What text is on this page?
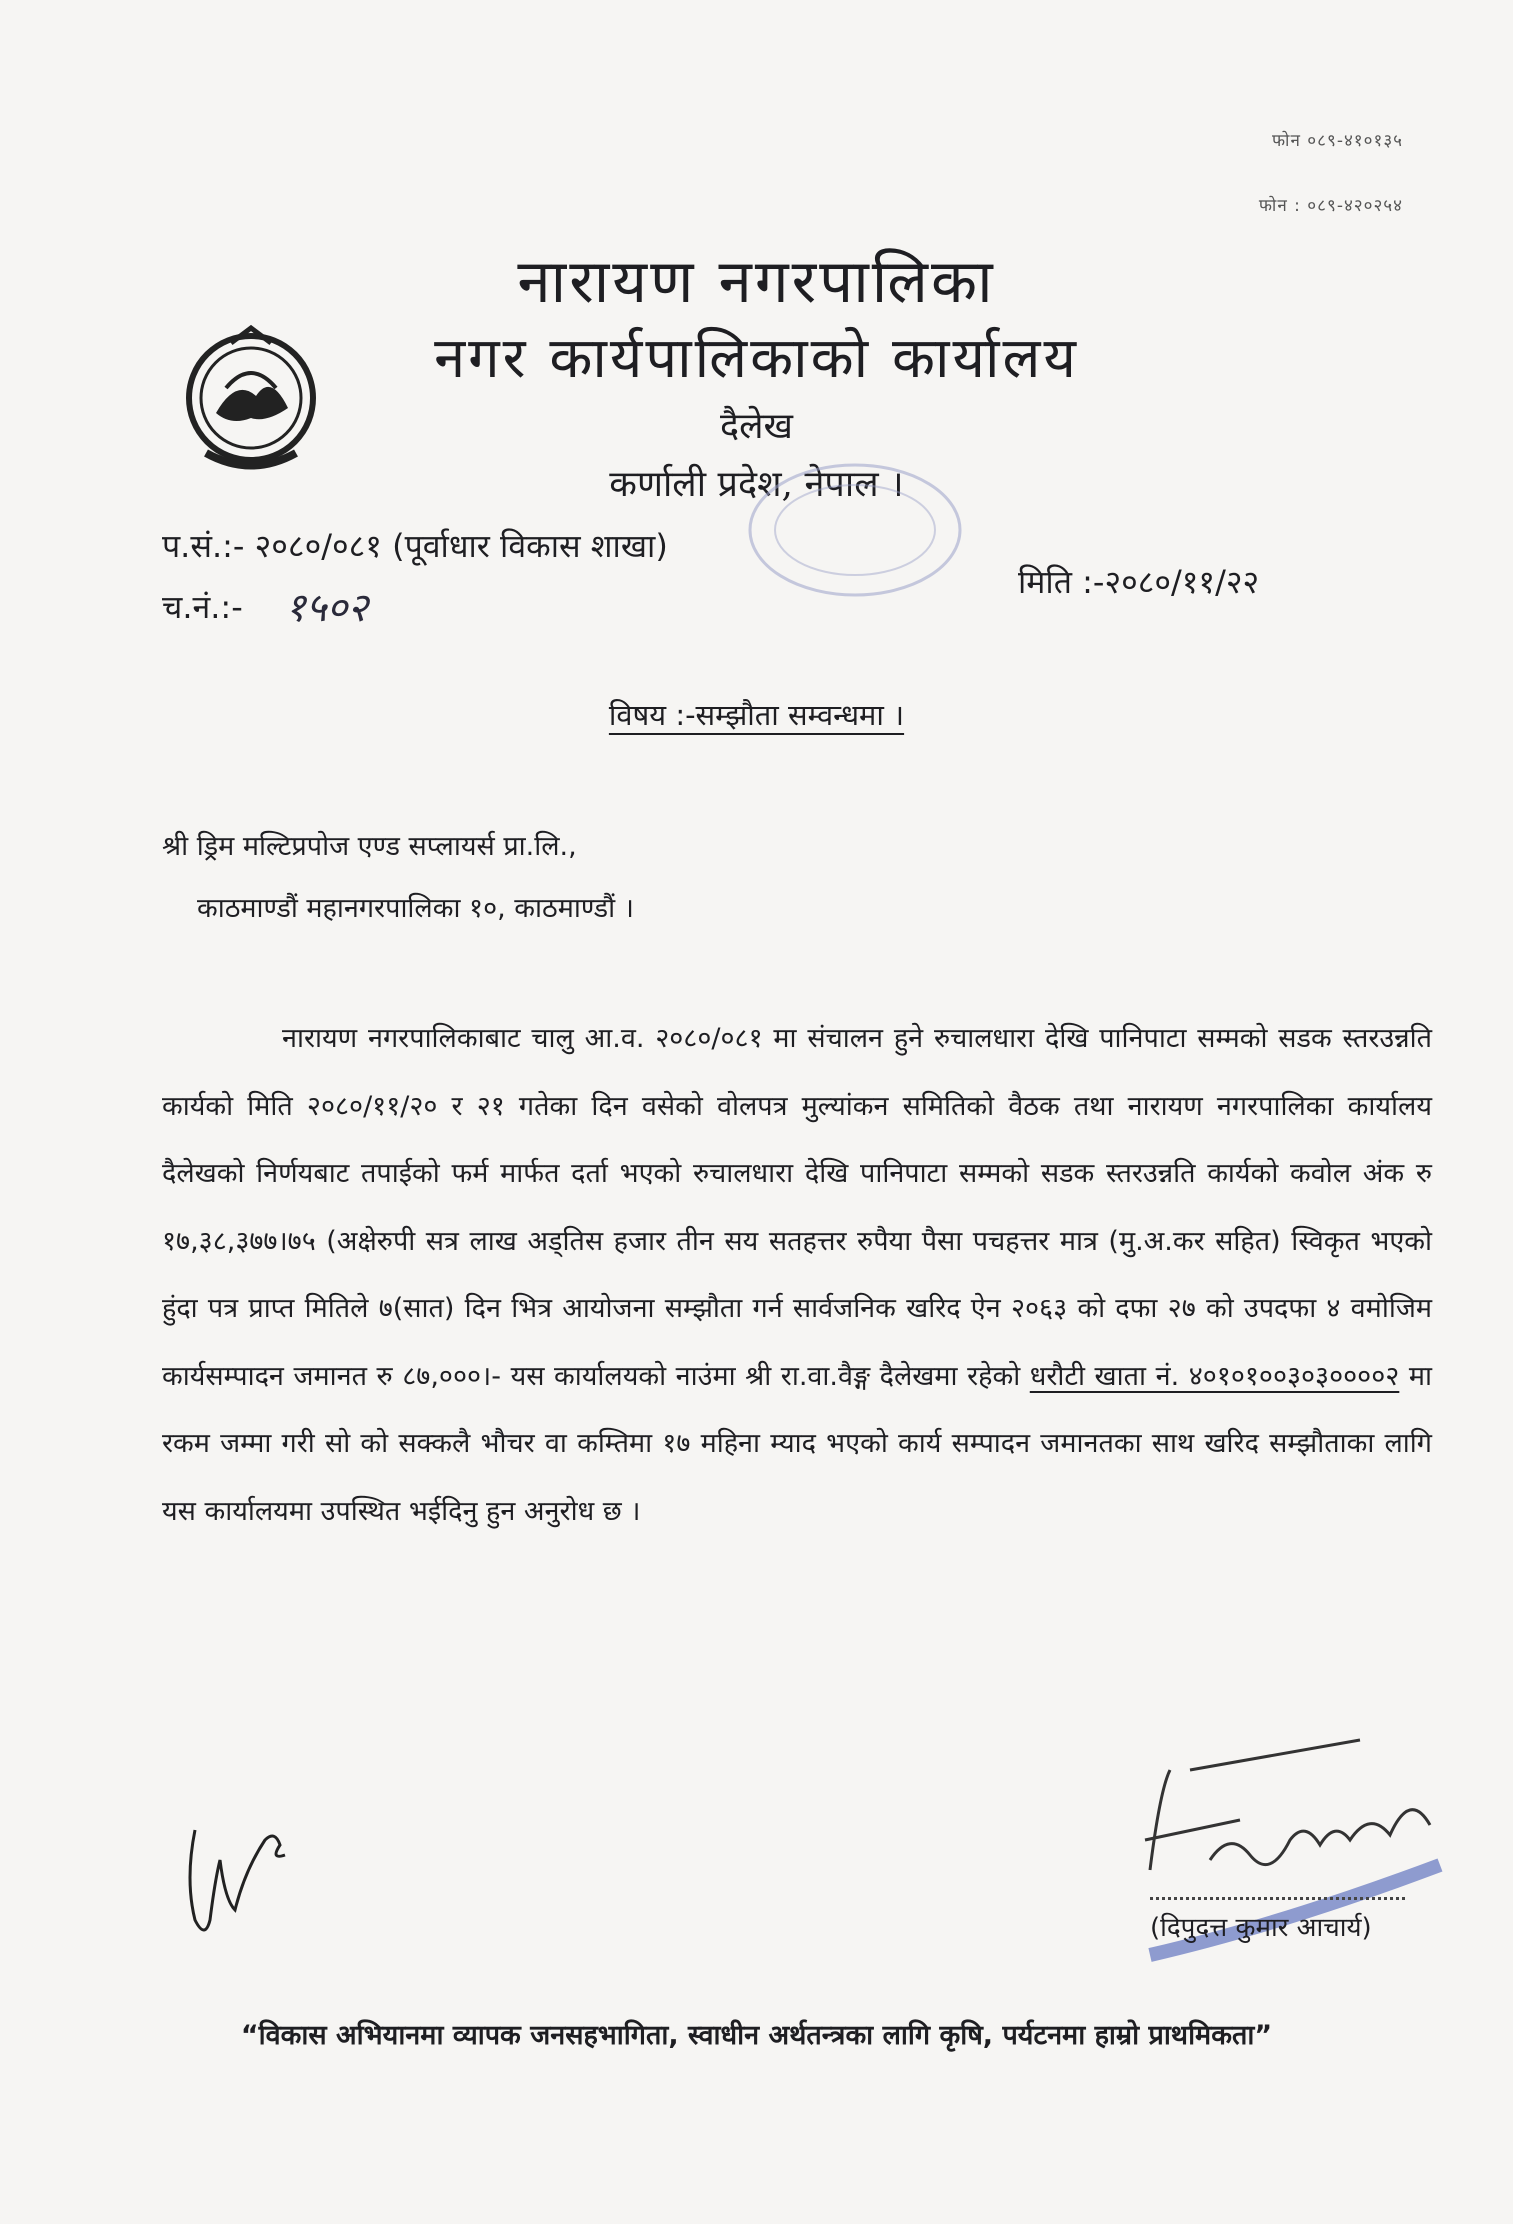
फोन ०८९-४१०१३५
फोन : ०८९-४२०२५४
नारायण नगरपालिका
नगर कार्यपालिकाको कार्यालय
दैलेख
कर्णाली प्रदेश, नेपाल ।
प.सं.:- २०८०/०८१ (पूर्वाधार विकास शाखा)
च.नं.:- १५०२
मिति :-२०८०/११/२२
विषय :-सम्झौता सम्वन्धमा ।
श्री ड्रिम मल्टिप्रपोज एण्ड सप्लायर्स प्रा.लि.,
काठमाण्डौं महानगरपालिका १०, काठमाण्डौं ।
नारायण नगरपालिकाबाट चालु आ.व. २०८०/०८१ मा संचालन हुने रुचालधारा देखि पानिपाटा सम्मको सडक स्तरउन्नति कार्यको मिति २०८०/११/२० र २१ गतेका दिन वसेको वोलपत्र मुल्यांकन समितिको वैठक तथा नारायण नगरपालिका कार्यालय दैलेखको निर्णयबाट तपाईको फर्म मार्फत दर्ता भएको रुचालधारा देखि पानिपाटा सम्मको सडक स्तरउन्नति कार्यको कवोल अंक रु १७,३८,३७७।७५ (अक्षेरुपी सत्र लाख अड्तिस हजार तीन सय सतहत्तर रुपैया पैसा पचहत्तर मात्र (मु.अ.कर सहित) स्विकृत भएको हुंदा पत्र प्राप्त मितिले ७(सात) दिन भित्र आयोजना सम्झौता गर्न सार्वजनिक खरिद ऐन २०६३ को दफा २७ को उपदफा ४ वमोजिम कार्यसम्पादन जमानत रु ८७,०००।- यस कार्यालयको नाउंमा श्री रा.वा.वैङ्ग दैलेखमा रहेको धरौटी खाता नं. ४०१०१००३०३००००२ मा रकम जम्मा गरी सो को सक्कलै भौचर वा कम्तिमा १७ महिना म्याद भएको कार्य सम्पादन जमानतका साथ खरिद सम्झौताका लागि यस कार्यालयमा उपस्थित भईदिनु हुन अनुरोध छ ।
(दिपुदत्त कुमार आचार्य)
“विकास अभियानमा व्यापक जनसहभागिता, स्वाधीन अर्थतन्त्रका लागि कृषि, पर्यटनमा हाम्रो प्राथमिकता”
